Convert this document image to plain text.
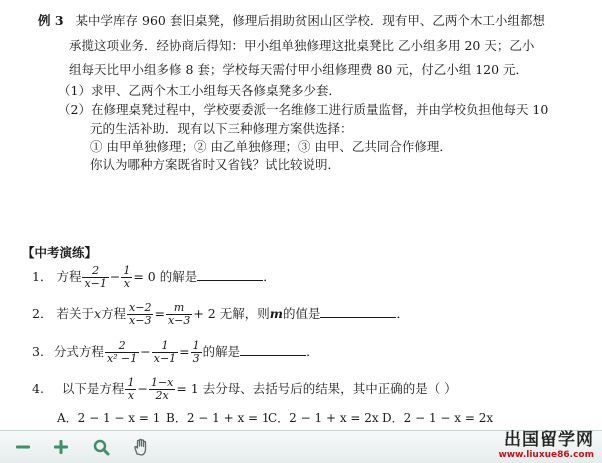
例 3 某中学库存 960 套旧桌凳，修理后捐助贫困山区学校．现有甲、乙两个木工小组都想
承揽这项业务．经协商后得知：甲小组单独修理这批桌凳比 乙小组多用 20 天；乙小
组每天比甲小组多修 8 套；学校每天需付甲小组修理费 80 元，付乙小组 120 元．
（1）求甲、乙两个木工小组每天各修桌凳多少套．
（2）在修理桌凳过程中，学校要委派一名维修工进行质量监督，并由学校负担他每天 10
元的生活补助．现有以下三种修理方案供选择：
① 由甲单独修理；② 由乙单独修理；③ 由甲、乙共同合作修理．
你认为哪种方案既省时又省钱？试比较说明．
【中考演练】
1． 方程 $\frac{2}{x-1} - \frac{1}{x} = 0$ 的解是	．
2． 若关于x方程 $\frac{x-2}{x-3} = \frac{m}{x-3} + 2$ 无解，则m的值是	．
3. 分式方程 $\frac{2}{\text{x² −1}} - \frac{1}{x-1} = \frac{1}{3}$ 的解是	．
4. 以下是方程 $\frac{1}{x} - \frac{1-x}{2x} = 1$ 去分母、去括号后的结果，其中正确的是（ ）
A．2 − 1 − x = 1 B．2 − 1 + x = 1
C．2 − 1 + x = 2x D．2 − 1 − x = 2x
出国留学网
www.liuxue86.com
